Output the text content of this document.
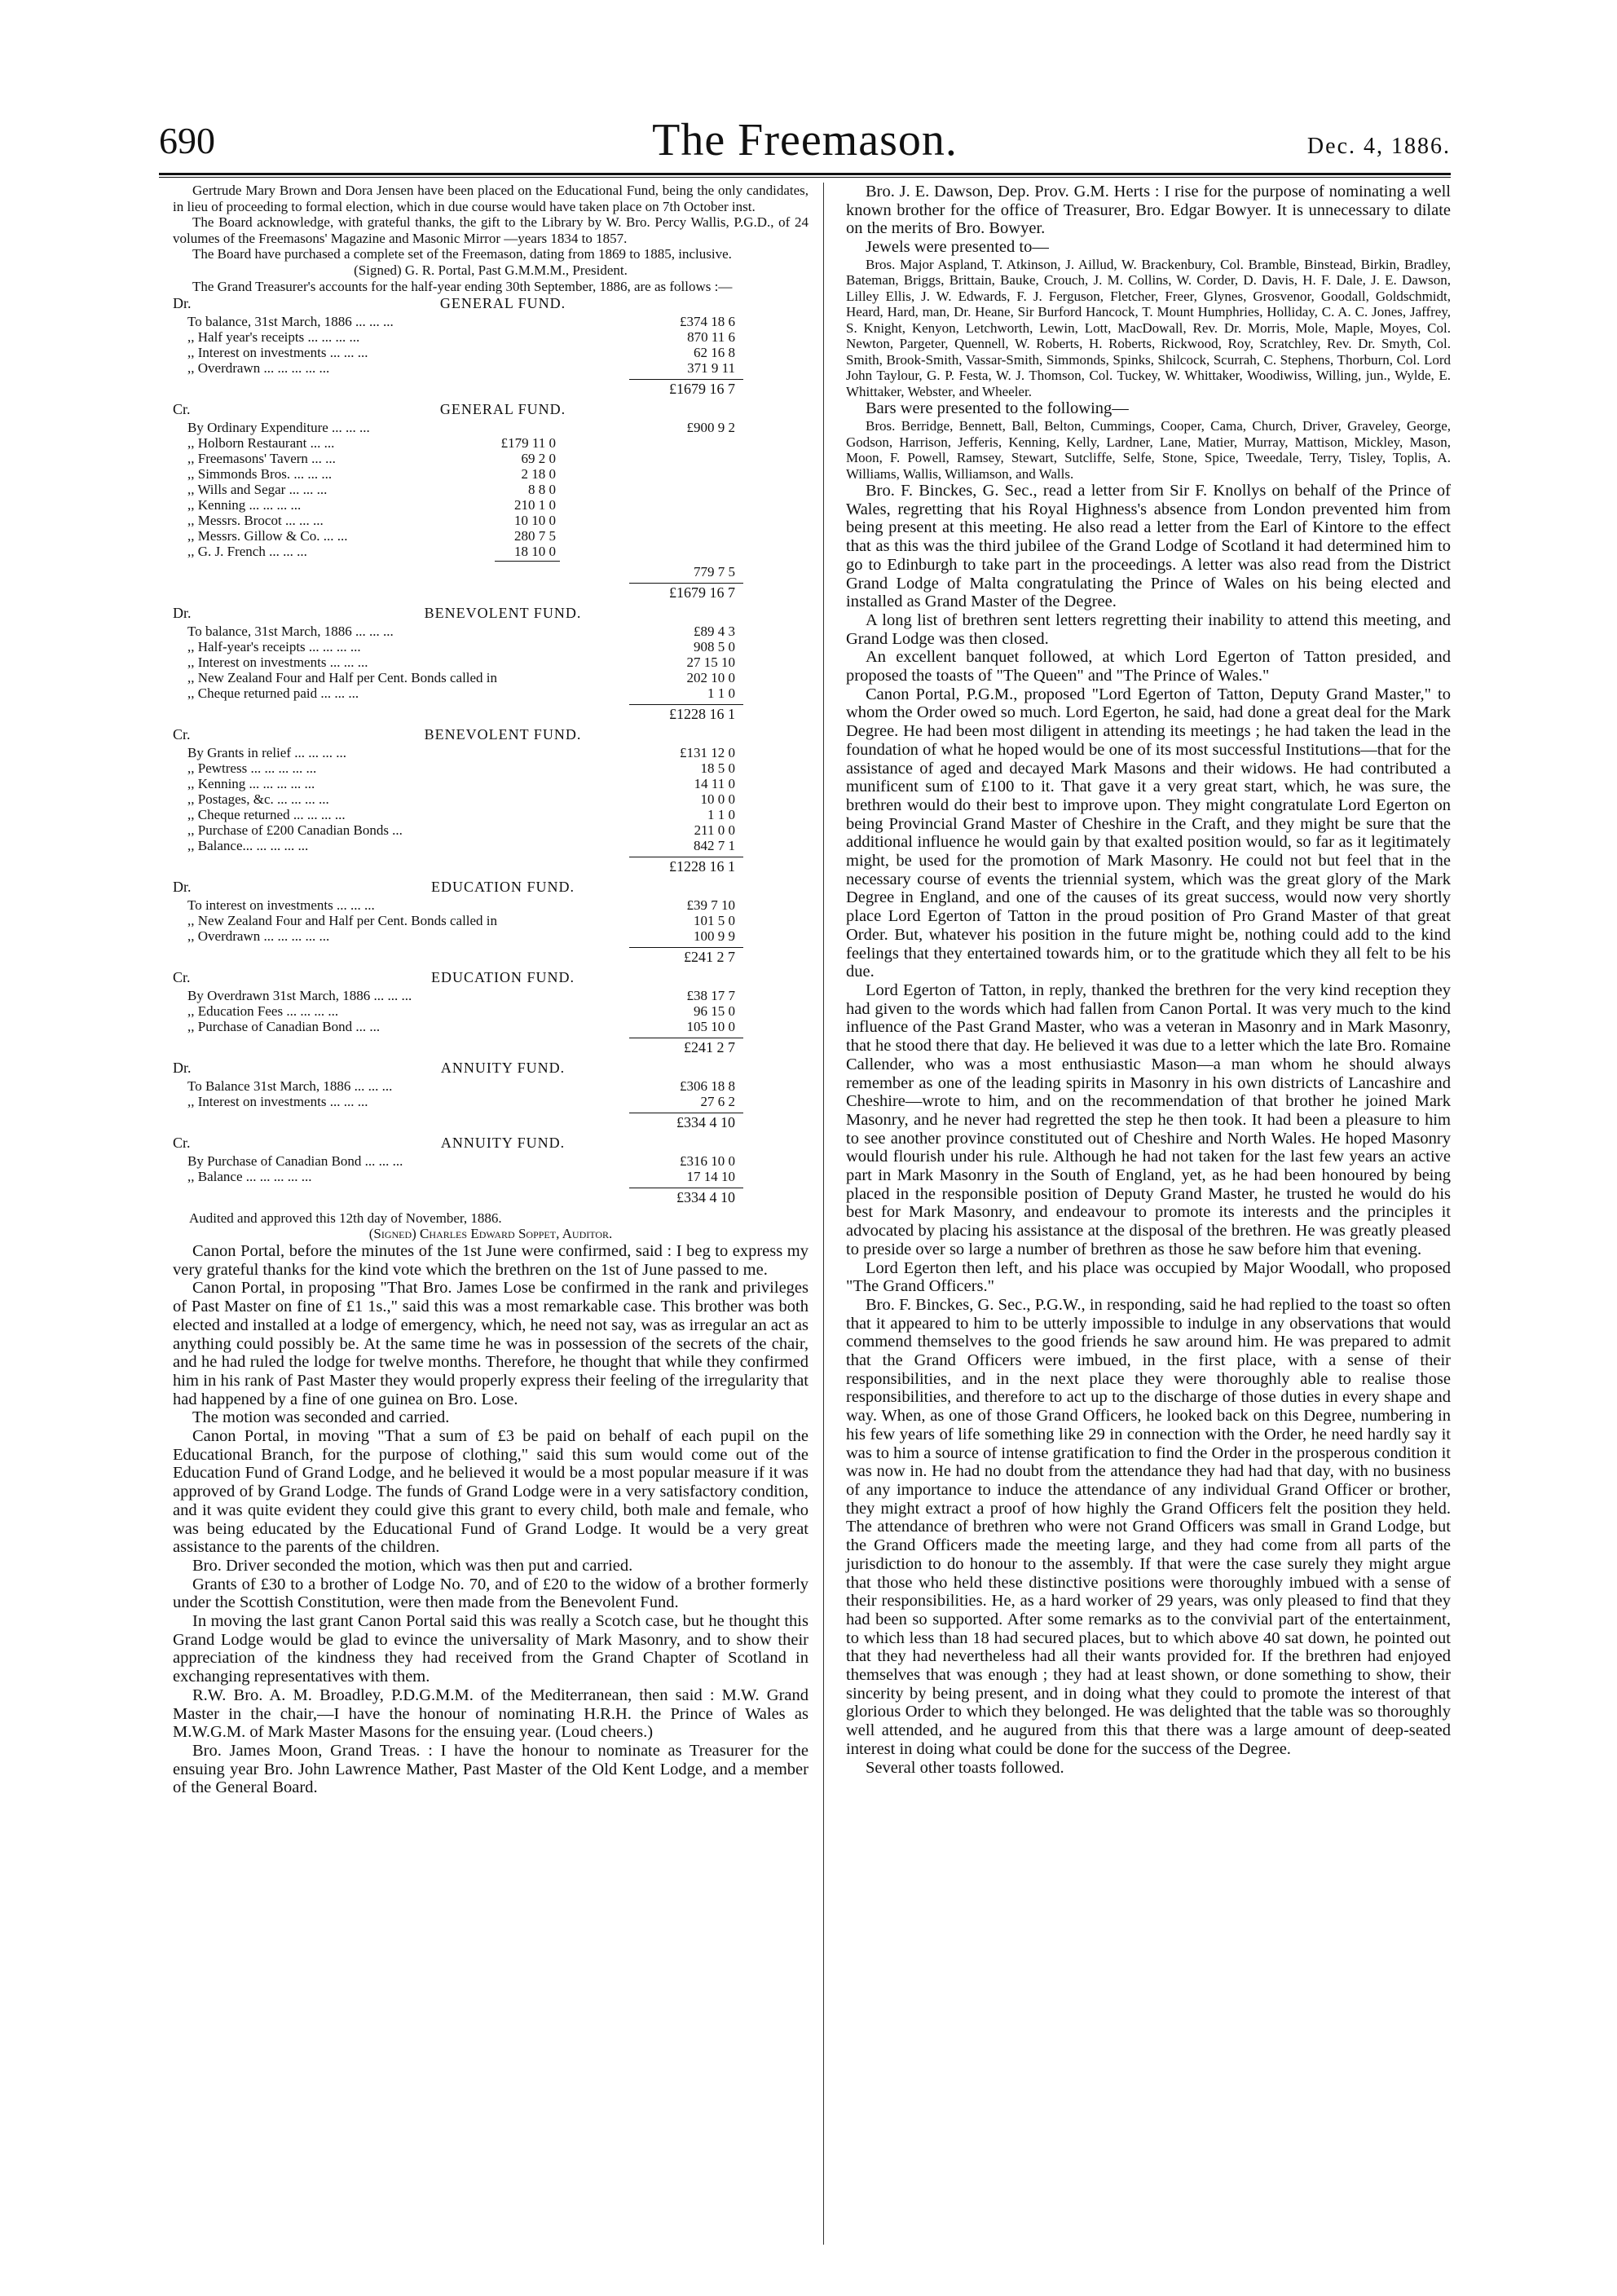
690	The Freemason.	Dec. 4, 1886.

Gertrude Mary Brown and Dora Jensen have been placed on the Educational Fund, being the only candidates, in lieu of proceeding to formal election, which in due course would have taken place on 7th October inst.

The Board acknowledge, with grateful thanks, the gift to the Library by W. Bro. Percy Wallis, P.G.D., of 24 volumes of the Freemasons' Magazine and Masonic Mirror —years 1834 to 1857.

The Board have purchased a complete set of the Freemason, dating from 1869 to 1885, inclusive.

(Signed) G. R. Portal, Past G.M.M.M., President.

The Grand Treasurer's accounts for the half-year ending 30th September, 1886, are as follows :—

Dr.	GENERAL FUND.
To balance, 31st March, 1886 ... ... ...	£374 18 6
,, Half year's receipts ... ... ... ...	870 11 6
,, Interest on investments ... ... ...	62 16 8
,, Overdrawn ... ... ... ... ...	371 9 11
£1679 16 7
Cr.	GENERAL FUND.
By Ordinary Expenditure ... ... ...	£900 9 2
,, Holborn Restaurant ... ...	£179 11 0
,, Freemasons' Tavern ... ...	69 2 0
,, Simmonds Bros. ... ... ...	2 18 0
,, Wills and Segar ... ... ...	8 8 0
,, Kenning ... ... ... ...	210 1 0
,, Messrs. Brocot ... ... ...	10 10 0
,, Messrs. Gillow & Co. ... ...	280 7 5
,, G. J. French ... ... ...	18 10 0
779 7 5
£1679 16 7
Dr.	BENEVOLENT FUND.
To balance, 31st March, 1886 ... ... ...	£89 4 3
,, Half-year's receipts ... ... ... ...	908 5 0
,, Interest on investments ... ... ...	27 15 10
,, New Zealand Four and Half per Cent. Bonds called in	202 10 0
,, Cheque returned paid ... ... ...	1 1 0
£1228 16 1
Cr.	BENEVOLENT FUND.
By Grants in relief ... ... ... ...	£131 12 0
,, Pewtress ... ... ... ... ...	18 5 0
,, Kenning ... ... ... ... ...	14 11 0
,, Postages, &c. ... ... ... ...	10 0 0
,, Cheque returned ... ... ... ...	1 1 0
,, Purchase of £200 Canadian Bonds ...	211 0 0
,, Balance... ... ... ... ...	842 7 1
£1228 16 1
Dr.	EDUCATION FUND.
To interest on investments ... ... ...	£39 7 10
,, New Zealand Four and Half per Cent. Bonds called in	101 5 0
,, Overdrawn ... ... ... ... ...	100 9 9
£241 2 7
Cr.	EDUCATION FUND.
By Overdrawn 31st March, 1886 ... ... ...	£38 17 7
,, Education Fees ... ... ... ...	96 15 0
,, Purchase of Canadian Bond ... ...	105 10 0
£241 2 7
Dr.	ANNUITY FUND.
To Balance 31st March, 1886 ... ... ...	£306 18 8
,, Interest on investments ... ... ...	27 6 2
£334 4 10
Cr.	ANNUITY FUND.
By Purchase of Canadian Bond ... ... ...	£316 10 0
,, Balance ... ... ... ... ...	17 14 10
£334 4 10

Audited and approved this 12th day of November, 1886.

(Signed) Charles Edward Soppet, Auditor.

Canon Portal, before the minutes of the 1st June were confirmed, said : I beg to express my very grateful thanks for the kind vote which the brethren on the 1st of June passed to me.

Canon Portal, in proposing "That Bro. James Lose be confirmed in the rank and privileges of Past Master on fine of £1 1s.," said this was a most remarkable case. This brother was both elected and installed at a lodge of emergency, which, he need not say, was as irregular an act as anything could possibly be. At the same time he was in possession of the secrets of the chair, and he had ruled the lodge for twelve months. Therefore, he thought that while they confirmed him in his rank of Past Master they would properly express their feeling of the irregularity that had happened by a fine of one guinea on Bro. Lose.

The motion was seconded and carried.

Canon Portal, in moving "That a sum of £3 be paid on behalf of each pupil on the Educational Branch, for the purpose of clothing," said this sum would come out of the Education Fund of Grand Lodge, and he believed it would be a most popular measure if it was approved of by Grand Lodge. The funds of Grand Lodge were in a very satisfactory condition, and it was quite evident they could give this grant to every child, both male and female, who was being educated by the Educational Fund of Grand Lodge. It would be a very great assistance to the parents of the children.

Bro. Driver seconded the motion, which was then put and carried.

Grants of £30 to a brother of Lodge No. 70, and of £20 to the widow of a brother formerly under the Scottish Constitution, were then made from the Benevolent Fund.

In moving the last grant Canon Portal said this was really a Scotch case, but he thought this Grand Lodge would be glad to evince the universality of Mark Masonry, and to show their appreciation of the kindness they had received from the Grand Chapter of Scotland in exchanging representatives with them.

R.W. Bro. A. M. Broadley, P.D.G.M.M. of the Mediterranean, then said : M.W. Grand Master in the chair,—I have the honour of nominating H.R.H. the Prince of Wales as M.W.G.M. of Mark Master Masons for the ensuing year. (Loud cheers.)

Bro. James Moon, Grand Treas. : I have the honour to nominate as Treasurer for the ensuing year Bro. John Lawrence Mather, Past Master of the Old Kent Lodge, and a member of the General Board.

Bro. J. E. Dawson, Dep. Prov. G.M. Herts : I rise for the purpose of nominating a well known brother for the office of Treasurer, Bro. Edgar Bowyer. It is unnecessary to dilate on the merits of Bro. Bowyer.

Jewels were presented to—

Bros. Major Aspland, T. Atkinson, J. Aillud, W. Brackenbury, Col. Bramble, Binstead, Birkin, Bradley, Bateman, Briggs, Brittain, Bauke, Crouch, J. M. Collins, W. Corder, D. Davis, H. F. Dale, J. E. Dawson, Lilley Ellis, J. W. Edwards, F. J. Ferguson, Fletcher, Freer, Glynes, Grosvenor, Goodall, Goldschmidt, Heard, Hard, man, Dr. Heane, Sir Burford Hancock, T. Mount Humphries, Holliday, C. A. C. Jones, Jaffrey, S. Knight, Kenyon, Letchworth, Lewin, Lott, MacDowall, Rev. Dr. Morris, Mole, Maple, Moyes, Col. Newton, Pargeter, Quennell, W. Roberts, H. Roberts, Rickwood, Roy, Scratchley, Rev. Dr. Smyth, Col. Smith, Brook-Smith, Vassar-Smith, Simmonds, Spinks, Shilcock, Scurrah, C. Stephens, Thorburn, Col. Lord John Taylour, G. P. Festa, W. J. Thomson, Col. Tuckey, W. Whittaker, Woodiwiss, Willing, jun., Wylde, E. Whittaker, Webster, and Wheeler.

Bars were presented to the following—

Bros. Berridge, Bennett, Ball, Belton, Cummings, Cooper, Cama, Church, Driver, Graveley, George, Godson, Harrison, Jefferis, Kenning, Kelly, Lardner, Lane, Matier, Murray, Mattison, Mickley, Mason, Moon, F. Powell, Ramsey, Stewart, Sutcliffe, Selfe, Stone, Spice, Tweedale, Terry, Tisley, Toplis, A. Williams, Wallis, Williamson, and Walls.

Bro. F. Binckes, G. Sec., read a letter from Sir F. Knollys on behalf of the Prince of Wales, regretting that his Royal Highness's absence from London prevented him from being present at this meeting. He also read a letter from the Earl of Kintore to the effect that as this was the third jubilee of the Grand Lodge of Scotland it had determined him to go to Edinburgh to take part in the proceedings. A letter was also read from the District Grand Lodge of Malta congratulating the Prince of Wales on his being elected and installed as Grand Master of the Degree.

A long list of brethren sent letters regretting their inability to attend this meeting, and Grand Lodge was then closed.

An excellent banquet followed, at which Lord Egerton of Tatton presided, and proposed the toasts of "The Queen" and "The Prince of Wales."

Canon Portal, P.G.M., proposed "Lord Egerton of Tatton, Deputy Grand Master," to whom the Order owed so much. Lord Egerton, he said, had done a great deal for the Mark Degree. He had been most diligent in attending its meetings ; he had taken the lead in the foundation of what he hoped would be one of its most successful Institutions—that for the assistance of aged and decayed Mark Masons and their widows. He had contributed a munificent sum of £100 to it. That gave it a very great start, which, he was sure, the brethren would do their best to improve upon. They might congratulate Lord Egerton on being Provincial Grand Master of Cheshire in the Craft, and they might be sure that the additional influence he would gain by that exalted position would, so far as it legitimately might, be used for the promotion of Mark Masonry. He could not but feel that in the necessary course of events the triennial system, which was the great glory of the Mark Degree in England, and one of the causes of its great success, would now very shortly place Lord Egerton of Tatton in the proud position of Pro Grand Master of that great Order. But, whatever his position in the future might be, nothing could add to the kind feelings that they entertained towards him, or to the gratitude which they all felt to be his due.

Lord Egerton of Tatton, in reply, thanked the brethren for the very kind reception they had given to the words which had fallen from Canon Portal. It was very much to the kind influence of the Past Grand Master, who was a veteran in Masonry and in Mark Masonry, that he stood there that day. He believed it was due to a letter which the late Bro. Romaine Callender, who was a most enthusiastic Mason—a man whom he should always remember as one of the leading spirits in Masonry in his own districts of Lancashire and Cheshire—wrote to him, and on the recommendation of that brother he joined Mark Masonry, and he never had regretted the step he then took. It had been a pleasure to him to see another province constituted out of Cheshire and North Wales. He hoped Masonry would flourish under his rule. Although he had not taken for the last few years an active part in Mark Masonry in the South of England, yet, as he had been honoured by being placed in the responsible position of Deputy Grand Master, he trusted he would do his best for Mark Masonry, and endeavour to promote its interests and the principles it advocated by placing his assistance at the disposal of the brethren. He was greatly pleased to preside over so large a number of brethren as those he saw before him that evening.

Lord Egerton then left, and his place was occupied by Major Woodall, who proposed "The Grand Officers."

Bro. F. Binckes, G. Sec., P.G.W., in responding, said he had replied to the toast so often that it appeared to him to be utterly impossible to indulge in any observations that would commend themselves to the good friends he saw around him. He was prepared to admit that the Grand Officers were imbued, in the first place, with a sense of their responsibilities, and in the next place they were thoroughly able to realise those responsibilities, and therefore to act up to the discharge of those duties in every shape and way. When, as one of those Grand Officers, he looked back on this Degree, numbering in his few years of life something like 29 in connection with the Order, he need hardly say it was to him a source of intense gratification to find the Order in the prosperous condition it was now in. He had no doubt from the attendance they had had that day, with no business of any importance to induce the attendance of any individual Grand Officer or brother, they might extract a proof of how highly the Grand Officers felt the position they held. The attendance of brethren who were not Grand Officers was small in Grand Lodge, but the Grand Officers made the meeting large, and they had come from all parts of the jurisdiction to do honour to the assembly. If that were the case surely they might argue that those who held these distinctive positions were thoroughly imbued with a sense of their responsibilities. He, as a hard worker of 29 years, was only pleased to find that they had been so supported. After some remarks as to the convivial part of the entertainment, to which less than 18 had secured places, but to which above 40 sat down, he pointed out that they had nevertheless had all their wants provided for. If the brethren had enjoyed themselves that was enough ; they had at least shown, or done something to show, their sincerity by being present, and in doing what they could to promote the interest of that glorious Order to which they belonged. He was delighted that the table was so thoroughly well attended, and he augured from this that there was a large amount of deep-seated interest in doing what could be done for the success of the Degree.

Several other toasts followed.
